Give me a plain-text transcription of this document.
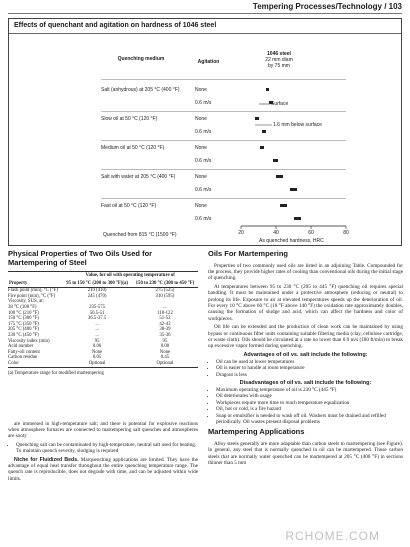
Tempering Processes/Technology / 103
Effects of quenchant and agitation on hardness of 1046 steel
Quenching medium	Agitation
1046 steel
22 mm diam
by 75 mm
Salt (anhydrous) at 205 °C (400 °F)	None
0.6 m/s
Slow oil at 50 °C (120 °F)	None
0.6 m/s
Medium oil at 50 °C (120 °F)	None
0.6 m/s
Salt with water at 205 °C (400 °F)	None
0.6 m/s
Fast oil at 50 °C (120 °F)	None
0.6 m/s
Surface
1.6 mm below surface
20	40	60	80
Quenched from 815 °C (1500 °F)
As quenched hardness, HRC
Physical Properties of Two Oils Used for Martempering of Steel
	Value, for oil with operating temperature of	
Property	95 to 150 °C (200 to 300 °F)(a)	150 to 230 °C (300 to 450 °F)
Flash point (min), °C (°F)	210 (410)	275 (525)
Fire point (min), °C (°F)	245 (470)	310 (595)
Viscosity, SUS, at:		
38 °C (100 °F)	235-575	...
100 °C (210 °F)	50.5-51	118-122
150 °C (300 °F)	36.5-37.5	51-52
175 °C (350 °F)	...	42-43
205 °C (400 °F)	...	38-39
230 °C (450 °F)	...	35-36
Viscosity index (min)	95	95
Acid number	0.00	0.00
Fatty-oil content	None	None
Carbon residue	0.05	0.45
Color	Optional	Optional
(a) Temperature range for modified martempering

are immersed in high-temperature salt; and there is potential for explosive reactions when atmosphere furnaces are connected to martempering salt quenches and atmospheres are sooty

• Quenching salt can be contaminated by high-temperature, neutral salt used for heating. To maintain quench severity, sludging is required

Niche for Fluidized Beds. Marquenching applications are limited. They have the advantage of equal heat transfer throughout the entire quenching temperature range. The quench rate is reproducible, does not degrade with time, and can be adjusted within wide limits.

Oils For Martempering

Properties of two commonly used oils are listed in an adjoining Table. Compounded for the process, they provide higher rates of cooling than conventional oils during the initial stage of quenching.

At temperatures between 95 to 230 °C (205 to 445 °F) quenching oil requires special handling. It must be maintained under a protective atmosphere (reducing or neutral) to prolong its life. Exposure to air at elevated temperatures speeds up the deterioration of oil. For every 10 °C above 60 °C (18 °F above 140 °F) the oxidation rate approximately doubles, causing the formation of sludge and acid, which can affect the hardness and color of workpieces.

Oil life can be extended and the production of clean work can be maintained by using bypass or continuous filter units containing suitable filtering media (clay, cellulose cartridge, or waste cloth). Oils should be circulated at a rate no lower than 0.9 m/s (180 ft/min) to break up excessive vapor formed during quenching.

Advantages of oil vs. salt include the following:
• Oil can be used at lower temperatures
• Oil is easier to handle at room temperature
• Dragout is less
Disadvantages of oil vs. salt include the following:
• Maximum operating temperature of oil is 230 °C (445 °F)
• Oil deteriorates with usage
• Workpieces require more time to reach temperature equalization
• Oil, hot or cold, is a fire hazard
• Soap or emulsifier is needed to wash off oil. Washers must be drained and refilled periodically. Oil wastes present disposal problems
Martempering Applications

Alloy steels generally are more adaptable than carbon steels to martempering (see Figure). In general, any steel that is normally quenched in oil can be martempered. Those carbon steels that are normally water quenched can be martempered at 205 °C (400 °F) in sections thinner than 5 mm

RCHOME.COM
